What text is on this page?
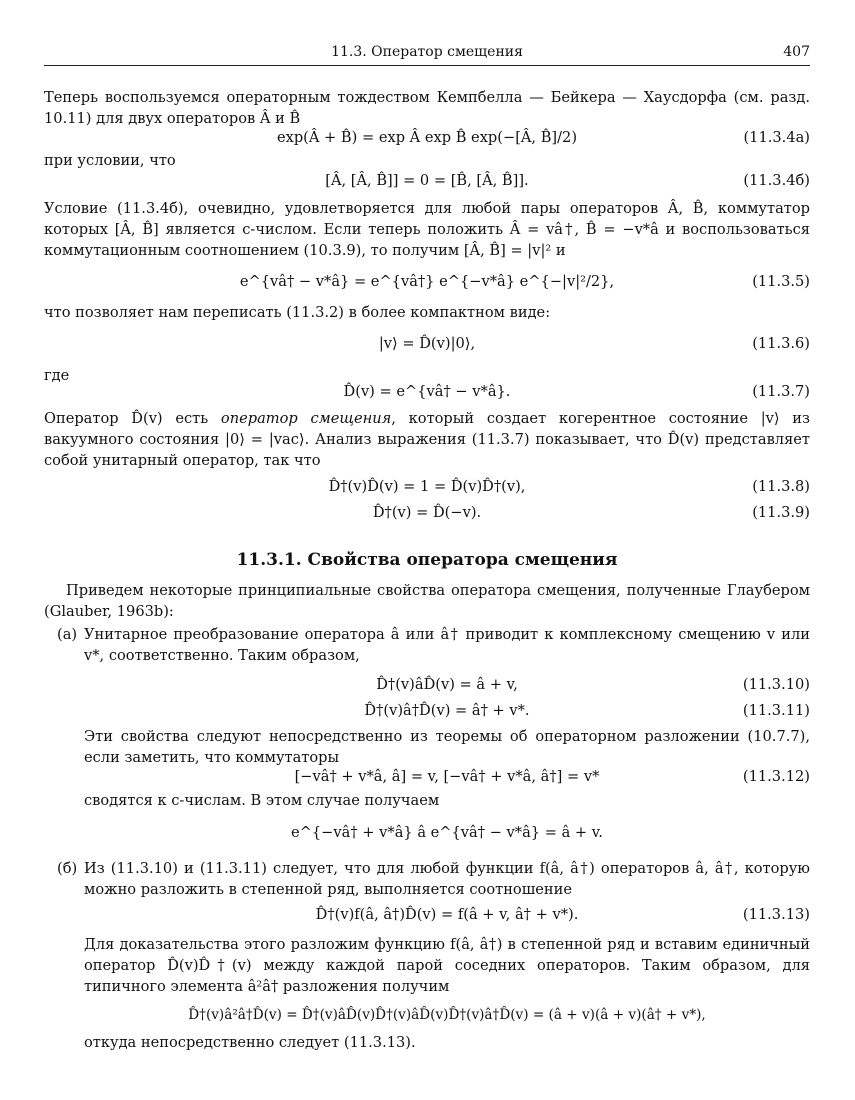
11.3. Оператор смещения	407
Теперь воспользуемся операторным тождеством Кемпбелла — Бейкера — Хаусдорфа (см. разд. 10.11) для двух операторов Â и B̂
exp(Â + B̂) = exp Â exp B̂ exp(−[Â, B̂]/2)	(11.3.4a)
при условии, что
[Â, [Â, B̂]] = 0 = [B̂, [Â, B̂]].	(11.3.4б)
Условие (11.3.4б), очевидно, удовлетворяется для любой пары операторов Â, B̂, коммутатор которых [Â, B̂] является c-числом. Если теперь положить Â = vâ†, B̂ = −v*â и воспользоваться коммутационным соотношением (10.3.9), то получим [Â, B̂] = |v|² и
e^{vâ† − v*â} = e^{vâ†} e^{−v*â} e^{−|v|²/2},	(11.3.5)
что позволяет нам переписать (11.3.2) в более компактном виде:
|v⟩ = D̂(v)|0⟩,	(11.3.6)
где
D̂(v) = e^{vâ† − v*â}.	(11.3.7)
Оператор D̂(v) есть оператор смещения, который создает когерентное состояние |v⟩ из вакуумного состояния |0⟩ = |vac⟩. Анализ выражения (11.3.7) показывает, что D̂(v) представляет собой унитарный оператор, так что
D̂†(v)D̂(v) = 1 = D̂(v)D̂†(v),	(11.3.8)
D̂†(v) = D̂(−v).	(11.3.9)
11.3.1. Свойства оператора смещения
Приведем некоторые принципиальные свойства оператора смещения, полученные Глаубером (Glauber, 1963b):
(а) Унитарное преобразование оператора â или â† приводит к комплексному смещению v или v*, соответственно. Таким образом,
D̂†(v)âD̂(v) = â + v,	(11.3.10)
D̂†(v)â†D̂(v) = â† + v*.	(11.3.11)
Эти свойства следуют непосредственно из теоремы об операторном разложении (10.7.7), если заметить, что коммутаторы
[−vâ† + v*â, â] = v, [−vâ† + v*â, â†] = v*	(11.3.12)
сводятся к c-числам. В этом случае получаем
e^{−vâ† + v*â} â e^{vâ† − v*â} = â + v.
(б) Из (11.3.10) и (11.3.11) следует, что для любой функции f(â, â†) операторов â, â†, которую можно разложить в степенной ряд, выполняется соотношение
D̂†(v)f(â, â†)D̂(v) = f(â + v, â† + v*).	(11.3.13)
Для доказательства этого разложим функцию f(â, â†) в степенной ряд и вставим единичный оператор D̂(v)D̂†(v) между каждой парой соседних операторов. Таким образом, для типичного элемента â²â† разложения получим
D̂†(v)â²â†D̂(v) = D̂†(v)âD̂(v)D̂†(v)âD̂(v)D̂†(v)â†D̂(v) = (â + v)(â + v)(â† + v*),
откуда непосредственно следует (11.3.13).
